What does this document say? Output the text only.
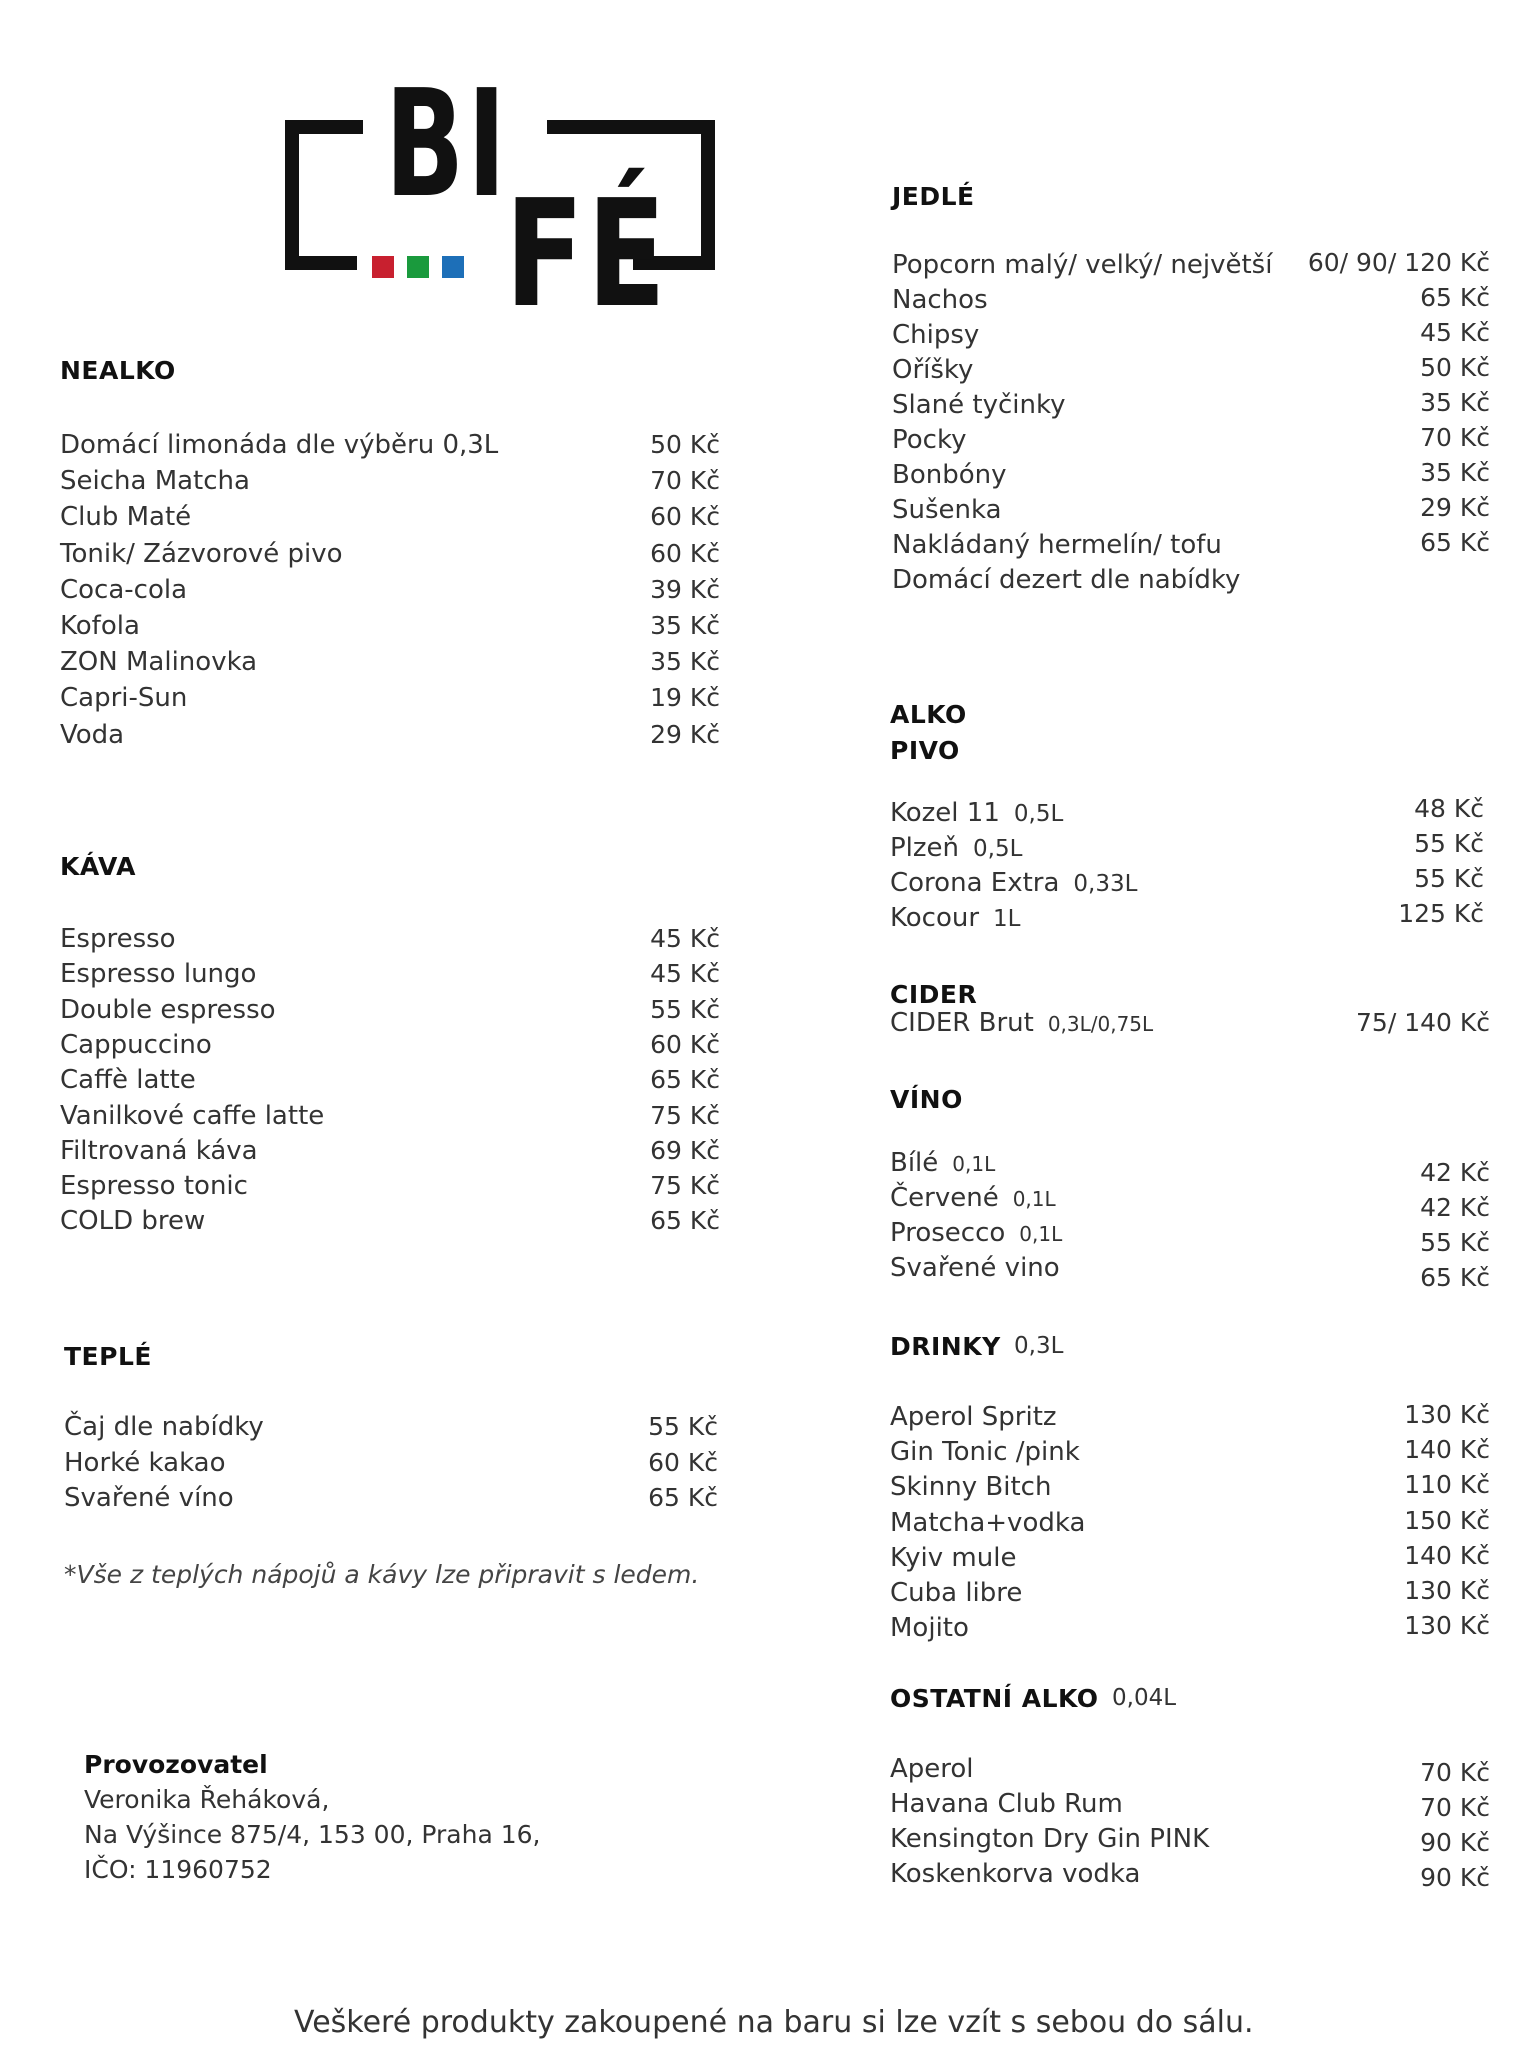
BI
FÉ
NEALKO
Domácí limonáda dle výběru 0,3L	50 Kč
Seicha Matcha	70 Kč
Club Maté	60 Kč
Tonik/ Zázvorové pivo	60 Kč
Coca-cola	39 Kč
Kofola	35 Kč
ZON Malinovka	35 Kč
Capri-Sun	19 Kč
Voda	29 Kč
KÁVA
Espresso	45 Kč
Espresso lungo	45 Kč
Double espresso	55 Kč
Cappuccino	60 Kč
Caffè latte	65 Kč
Vanilkové caffe latte	75 Kč
Filtrovaná káva	69 Kč
Espresso tonic	75 Kč
COLD brew	65 Kč
TEPLÉ
Čaj dle nabídky	55 Kč
Horké kakao	60 Kč
Svařené víno	65 Kč
*Vše z teplých nápojů a kávy lze připravit s ledem.
Provozovatel
Veronika Řeháková,
Na Výšince 875/4, 153 00, Praha 16,
IČO: 11960752
JEDLÉ
Popcorn malý/ velký/ největší 60/ 90/ 120 Kč
Nachos	65 Kč
Chipsy	45 Kč
Oříšky	50 Kč
Slané tyčinky	35 Kč
Pocky	70 Kč
Bonbóny	35 Kč
Sušenka	29 Kč
Nakládaný hermelín/ tofu	65 Kč
Domácí dezert dle nabídky
ALKO
PIVO
Kozel 11 0,5L	48 Kč
Plzeň 0,5L	55 Kč
Corona Extra 0,33L	55 Kč
Kocour 1L	125 Kč
CIDER
CIDER Brut 0,3L/0,75L	75/ 140 Kč
VÍNO
Bílé 0,1L	42 Kč
Červené 0,1L	42 Kč
Prosecco 0,1L	55 Kč
Svařené vino	65 Kč
DRINKY 0,3L
Aperol Spritz	130 Kč
Gin Tonic /pink	140 Kč
Skinny Bitch	110 Kč
Matcha+vodka	150 Kč
Kyiv mule	140 Kč
Cuba libre	130 Kč
Mojito	130 Kč
OSTATNÍ ALKO 0,04L
Aperol	70 Kč
Havana Club Rum	70 Kč
Kensington Dry Gin PINK	90 Kč
Koskenkorva vodka	90 Kč
Veškeré produkty zakoupené na baru si lze vzít s sebou do sálu.
